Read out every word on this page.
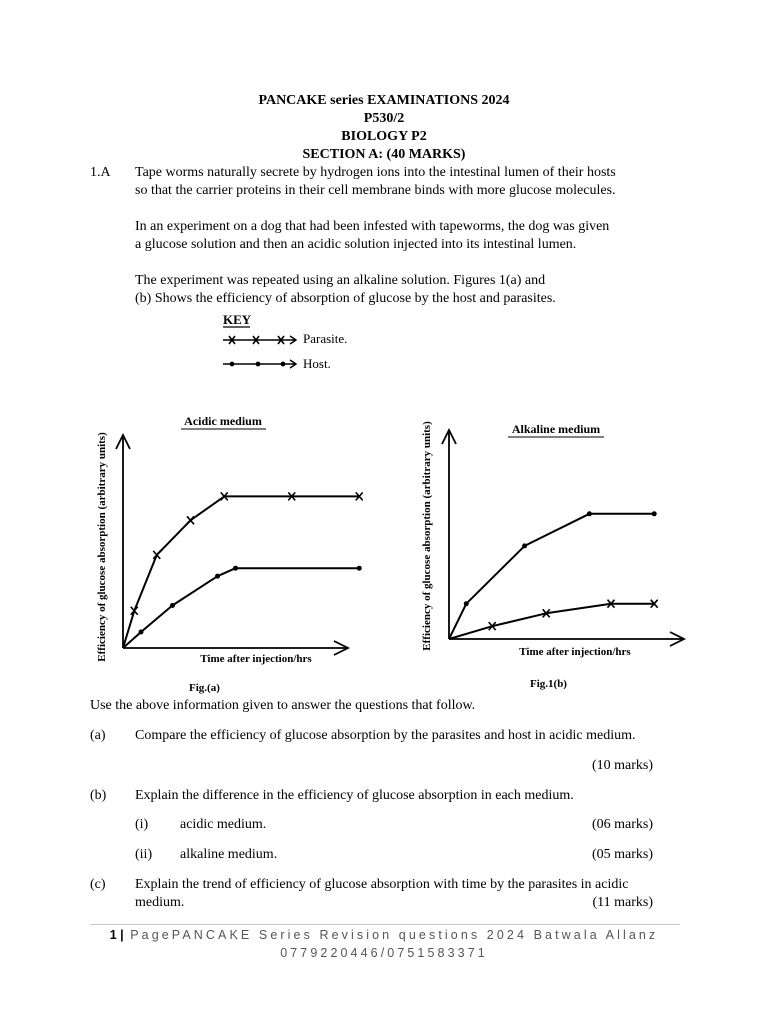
PANCAKE series EXAMINATIONS 2024
P530/2
BIOLOGY P2
SECTION A: (40 MARKS)
1.A Tape worms naturally secrete by hydrogen ions into the intestinal lumen of their hosts
so that the carrier proteins in their cell membrane binds with more glucose molecules.
In an experiment on a dog that had been infested with tapeworms, the dog was given
a glucose solution and then an acidic solution injected into its intestinal lumen.
The experiment was repeated using an alkaline solution. Figures 1(a) and
(b) Shows the efficiency of absorption of glucose by the host and parasites.
KEY
Parasite.
Host.
Acidic medium
Efficiency of glucose absorption (arbitrary units)	Time after injection/hrs
Fig.(a)
Alkaline medium
Efficiency of glucose absorption (arbitrary units)
Time after injection/hrs
Fig.1(b)
Use the above information given to answer the questions that follow.
(a) Compare the efficiency of glucose absorption by the parasites and host in acidic medium.
(10 marks)
(b) Explain the difference in the efficiency of glucose absorption in each medium.
(i) acidic medium.	(06 marks)
(ii) alkaline medium.	(05 marks)
(c) Explain the trend of efficiency of glucose absorption with time by the parasites in acidic
medium.	(11 marks)
1 | PagePANCAKE Series Revision questions 2024 Batwala Allanz
0779220446/0751583371
